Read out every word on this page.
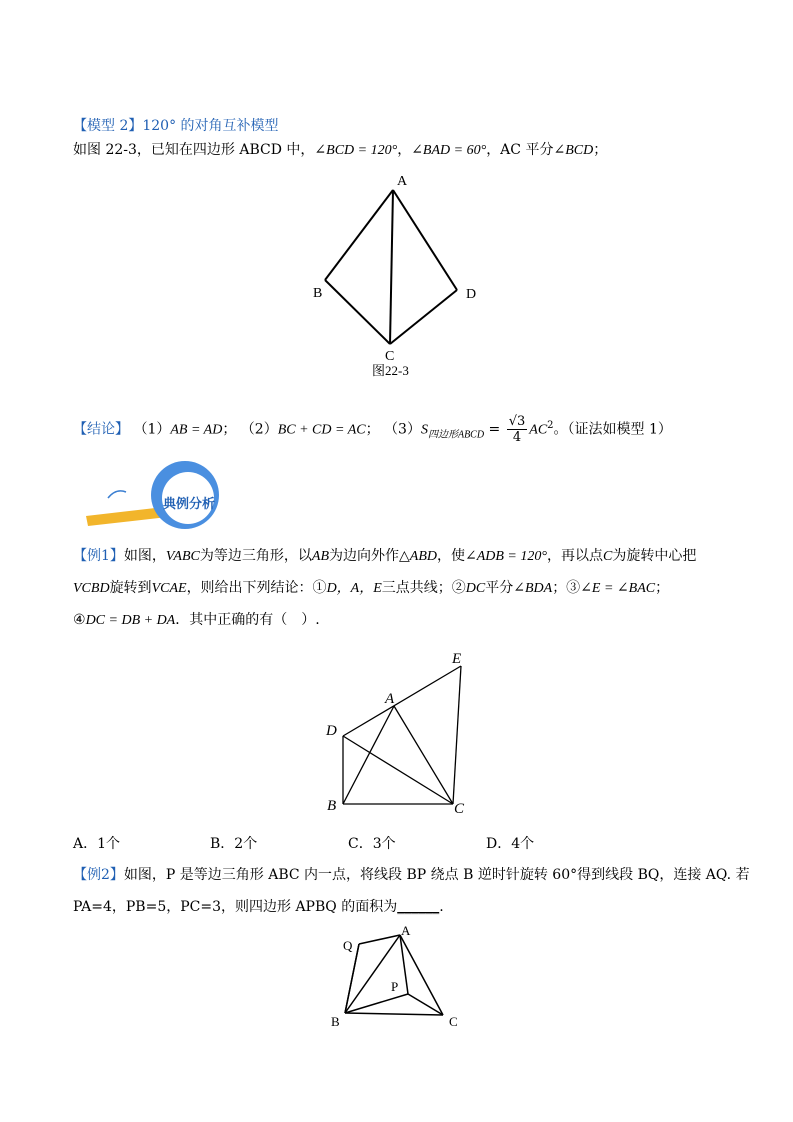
【模型 2】120° 的对角互补模型
如图 22-3，已知在四边形 ABCD 中，∠BCD = 120°，∠BAD = 60°，AC 平分∠BCD；
A
B	D
C
图22-3
【结论】 （1）AB = AD； （2）BC + CD = AC； $(3)S_{四边形ABCD} = \frac{√3}{4} AC^2$。（证法如模型 1）
典例分析
【例1】如图，VABC为等边三角形，以AB为边向外作△ABD，使∠ADB = 120°，再以点C为旋转中心把
VCBD旋转到VCAE，则给出下列结论：①D，A，E三点共线；②DC平分∠BDA；③∠E = ∠BAC；
④DC = DB + DA．其中正确的有（　）.
E
A
D
B	C
A．1个	B．2个	C．3个	D．4个
【例2】如图，P 是等边三角形 ABC 内一点，将线段 BP 绕点 B 逆时针旋转 60°得到线段 BQ，连接 AQ. 若
PA=4，PB=5，PC=3，则四边形 APBQ 的面积为______.
A
Q
P
B	C
